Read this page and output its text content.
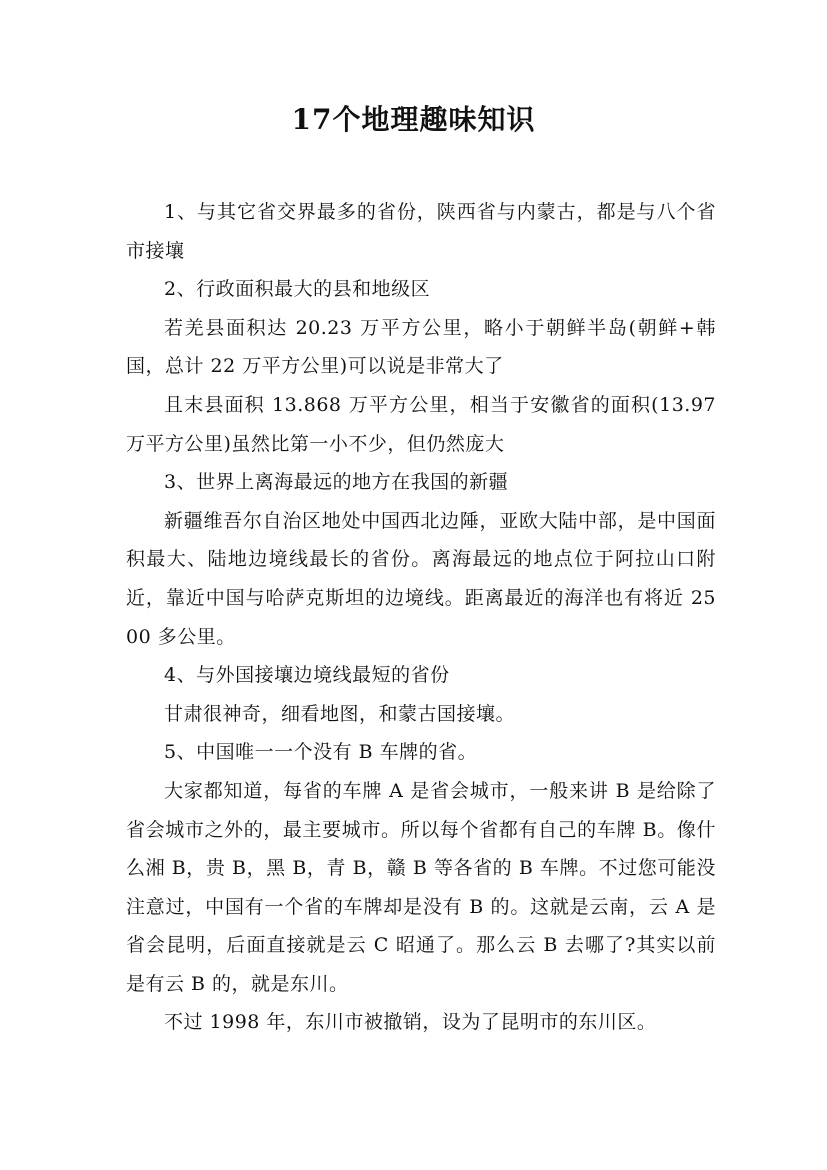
17个地理趣味知识

1、与其它省交界最多的省份，陕西省与内蒙古，都是与八个省市接壤

2、行政面积最大的县和地级区

若羌县面积达 20.23 万平方公里，略小于朝鲜半岛(朝鲜+韩国，总计 22 万平方公里)可以说是非常大了

且末县面积 13.868 万平方公里，相当于安徽省的面积(13.97 万平方公里)虽然比第一小不少，但仍然庞大

3、世界上离海最远的地方在我国的新疆

新疆维吾尔自治区地处中国西北边陲，亚欧大陆中部，是中国面积最大、陆地边境线最长的省份。离海最远的地点位于阿拉山口附近，靠近中国与哈萨克斯坦的边境线。距离最近的海洋也有将近 2500 多公里。

4、与外国接壤边境线最短的省份

甘肃很神奇，细看地图，和蒙古国接壤。

5、中国唯一一个没有 B 车牌的省。

大家都知道，每省的车牌 A 是省会城市，一般来讲 B 是给除了省会城市之外的，最主要城市。所以每个省都有自己的车牌 B。像什么湘 B，贵 B，黑 B，青 B，赣 B 等各省的 B 车牌。不过您可能没注意过，中国有一个省的车牌却是没有 B 的。这就是云南，云 A 是省会昆明，后面直接就是云 C 昭通了。那么云 B 去哪了?其实以前是有云 B 的，就是东川。

不过 1998 年，东川市被撤销，设为了昆明市的东川区。
